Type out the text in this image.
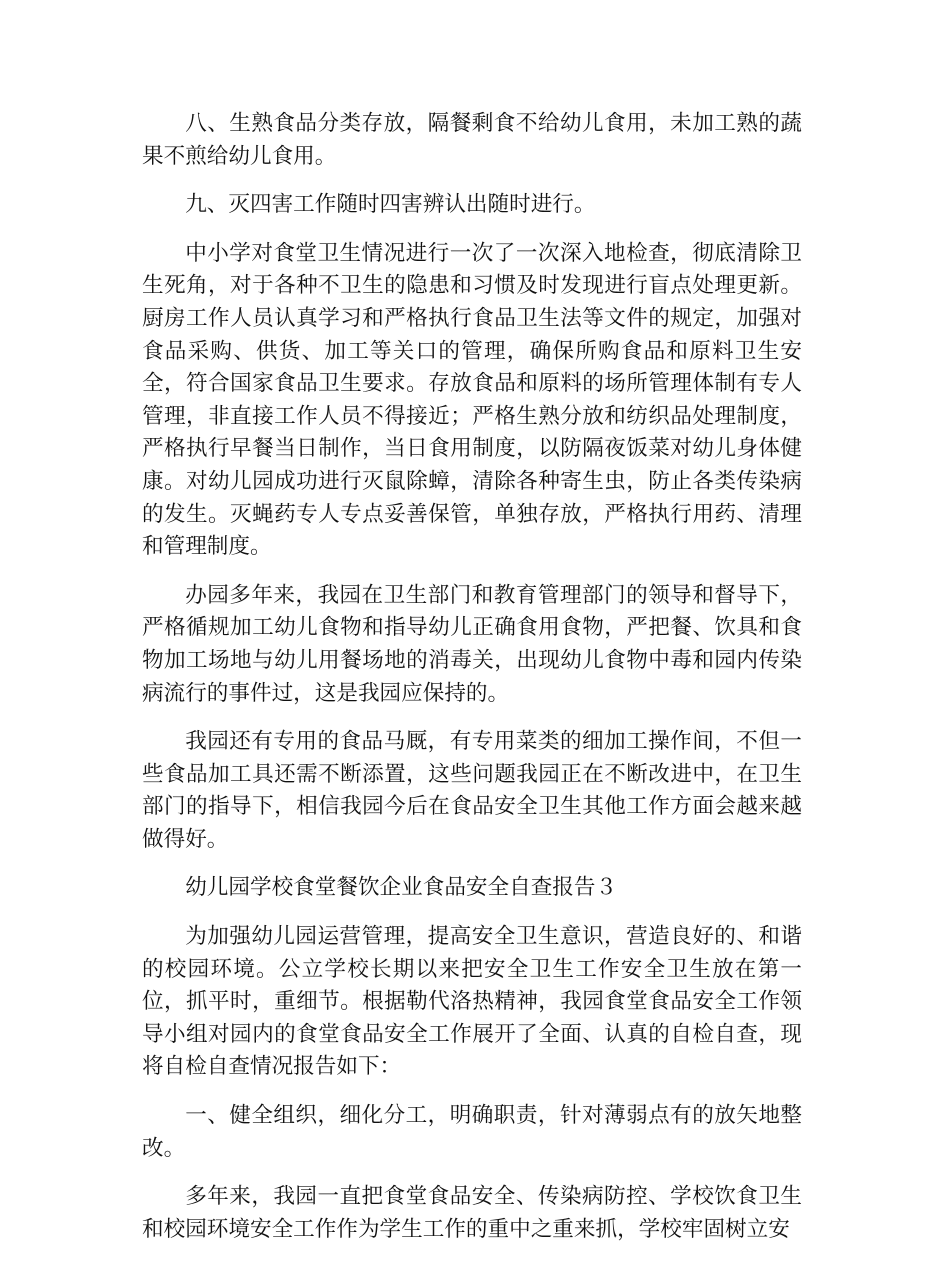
八、生熟食品分类存放，隔餐剩食不给幼儿食用，未加工熟的蔬果不煎给幼儿食用。

九、灭四害工作随时四害辨认出随时进行。

中小学对食堂卫生情况进行一次了一次深入地检查，彻底清除卫生死角，对于各种不卫生的隐患和习惯及时发现进行盲点处理更新。厨房工作人员认真学习和严格执行食品卫生法等文件的规定，加强对食品采购、供货、加工等关口的管理，确保所购食品和原料卫生安全，符合国家食品卫生要求。存放食品和原料的场所管理体制有专人管理，非直接工作人员不得接近；严格生熟分放和纺织品处理制度，严格执行早餐当日制作，当日食用制度，以防隔夜饭菜对幼儿身体健康。对幼儿园成功进行灭鼠除蟑，清除各种寄生虫，防止各类传染病的发生。灭蝇药专人专点妥善保管，单独存放，严格执行用药、清理和管理制度。

办园多年来，我园在卫生部门和教育管理部门的领导和督导下，严格循规加工幼儿食物和指导幼儿正确食用食物，严把餐、饮具和食物加工场地与幼儿用餐场地的消毒关，出现幼儿食物中毒和园内传染病流行的事件过，这是我园应保持的。

我园还有专用的食品马厩，有专用菜类的细加工操作间，不但一些食品加工具还需不断添置，这些问题我园正在不断改进中，在卫生部门的指导下，相信我园今后在食品安全卫生其他工作方面会越来越做得好。

幼儿园学校食堂餐饮企业食品安全自查报告３

为加强幼儿园运营管理，提高安全卫生意识，营造良好的、和谐的校园环境。公立学校长期以来把安全卫生工作安全卫生放在第一位，抓平时，重细节。根据勒代洛热精神，我园食堂食品安全工作领导小组对园内的食堂食品安全工作展开了全面、认真的自检自查，现将自检自查情况报告如下：

一、健全组织，细化分工，明确职责，针对薄弱点有的放矢地整改。

多年来，我园一直把食堂食品安全、传染病防控、学校饮食卫生和校园环境安全工作作为学生工作的重中之重来抓，学校牢固树立安
